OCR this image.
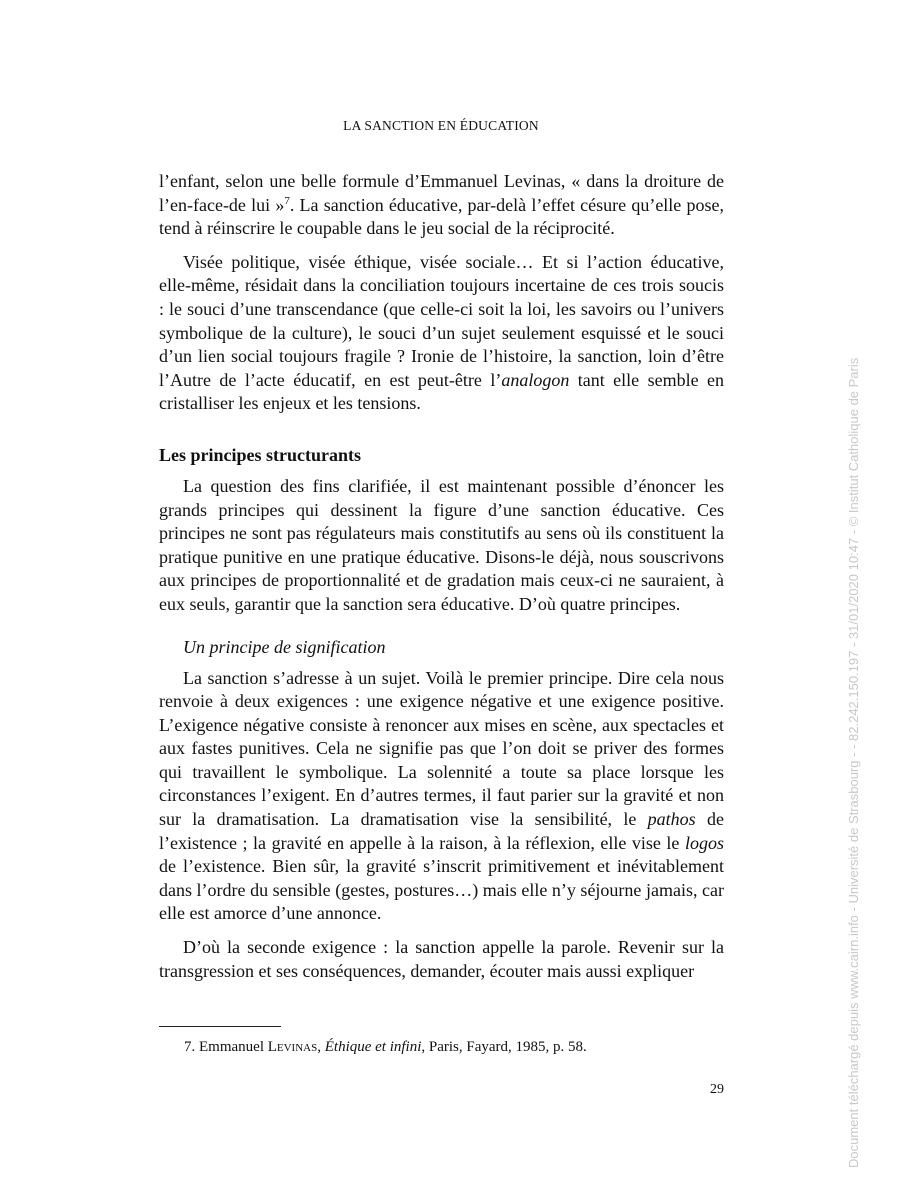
LA SANCTION EN ÉDUCATION

l’enfant, selon une belle formule d’Emmanuel Levinas, « dans la droiture de l’en-face-de lui »$^7$. La sanction éducative, par-delà l’effet césure qu’elle pose, tend à réinscrire le coupable dans le jeu social de la réciprocité.

Visée politique, visée éthique, visée sociale… Et si l’action éducative, elle-même, résidait dans la conciliation toujours incertaine de ces trois soucis : le souci d’une transcendance (que celle-ci soit la loi, les savoirs ou l’univers symbolique de la culture), le souci d’un sujet seulement esquissé et le souci d’un lien social toujours fragile ? Ironie de l’histoire, la sanction, loin d’être l’Autre de l’acte éducatif, en est peut-être l’analogon tant elle semble en cristalliser les enjeux et les tensions.

Les principes structurants

La question des fins clarifiée, il est maintenant possible d’énoncer les grands principes qui dessinent la figure d’une sanction éducative. Ces principes ne sont pas régulateurs mais constitutifs au sens où ils constituent la pratique punitive en une pratique éducative. Disons-le déjà, nous souscrivons aux principes de proportionnalité et de gradation mais ceux-ci ne sauraient, à eux seuls, garantir que la sanction sera éducative. D’où quatre principes.

Un principe de signification

La sanction s’adresse à un sujet. Voilà le premier principe. Dire cela nous renvoie à deux exigences : une exigence négative et une exigence positive. L’exigence négative consiste à renoncer aux mises en scène, aux spectacles et aux fastes punitives. Cela ne signifie pas que l’on doit se priver des formes qui travaillent le symbolique. La solennité a toute sa place lorsque les circonstances l’exigent. En d’autres termes, il faut parier sur la gravité et non sur la dramatisation. La dramatisation vise la sensibilité, le pathos de l’existence ; la gravité en appelle à la raison, à la réflexion, elle vise le logos de l’existence. Bien sûr, la gravité s’inscrit primitivement et inévitablement dans l’ordre du sensible (gestes, postures…) mais elle n’y séjourne jamais, car elle est amorce d’une annonce.

D’où la seconde exigence : la sanction appelle la parole. Revenir sur la transgression et ses conséquences, demander, écouter mais aussi expliquer

7. Emmanuel Levinas, Éthique et infini, Paris, Fayard, 1985, p. 58.
29	Document téléchargé depuis www.cairn.info - Université de Strasbourg - - 82.242.150.197 - 31/01/2020 10:47 - © Institut Catholique de Paris
